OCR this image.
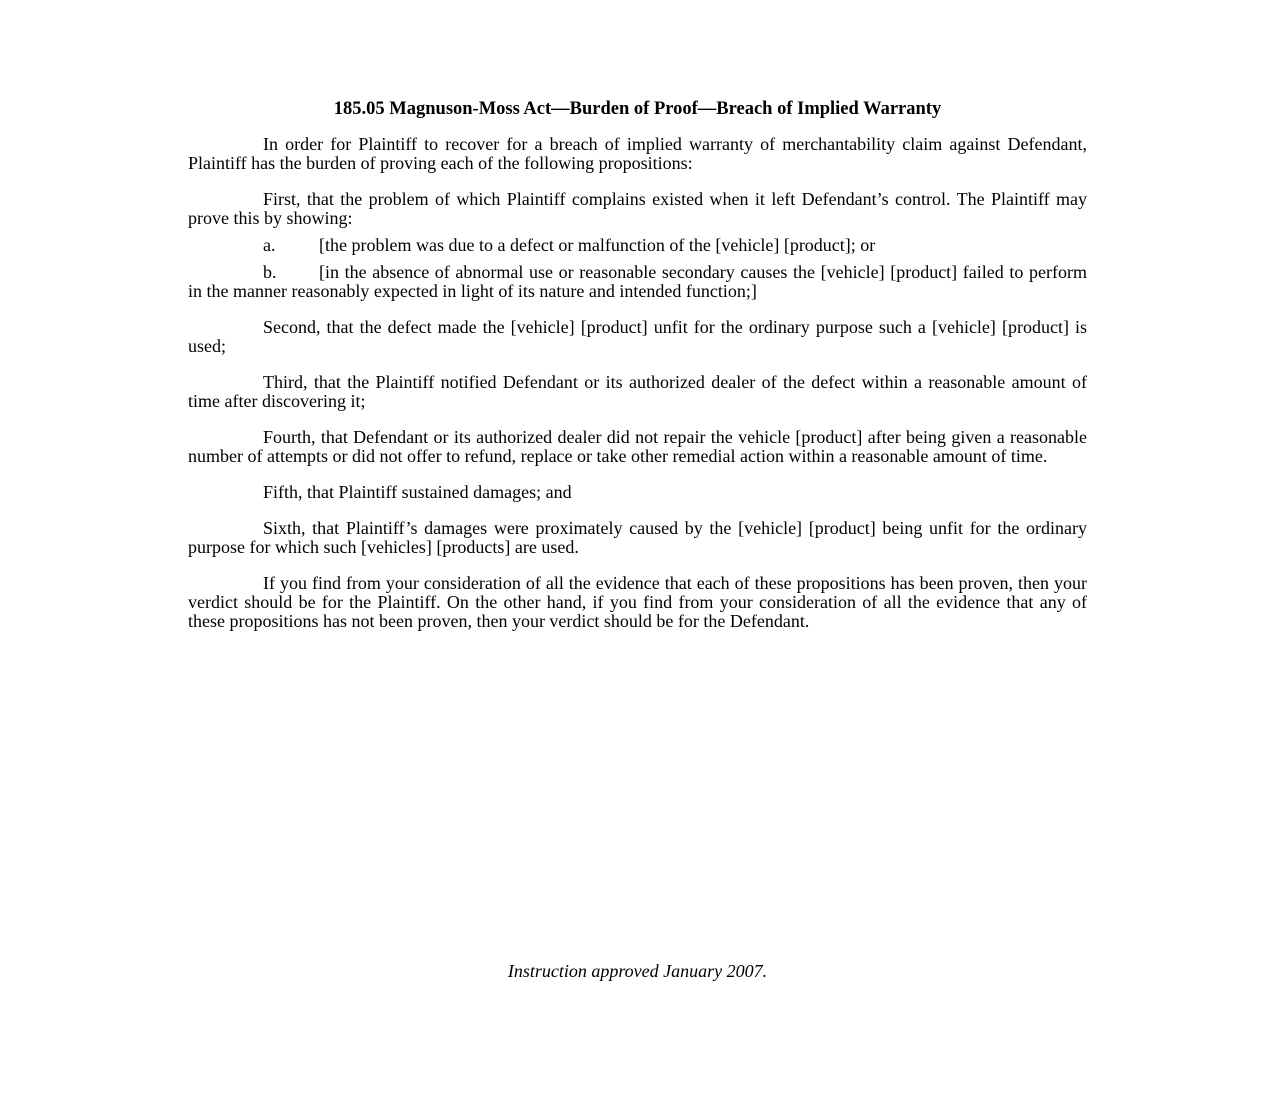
185.05 Magnuson-Moss Act—Burden of Proof—Breach of Implied Warranty

In order for Plaintiff to recover for a breach of implied warranty of merchantability claim against Defendant, Plaintiff has the burden of proving each of the following propositions:

First, that the problem of which Plaintiff complains existed when it left Defendant’s control. The Plaintiff may prove this by showing:

a. [the problem was due to a defect or malfunction of the [vehicle] [product]; or

b. [in the absence of abnormal use or reasonable secondary causes the [vehicle] [product] failed to perform in the manner reasonably expected in light of its nature and intended function;]

Second, that the defect made the [vehicle] [product] unfit for the ordinary purpose such a [vehicle] [product] is used;

Third, that the Plaintiff notified Defendant or its authorized dealer of the defect within a reasonable amount of time after discovering it;

Fourth, that Defendant or its authorized dealer did not repair the vehicle [product] after being given a reasonable number of attempts or did not offer to refund, replace or take other remedial action within a reasonable amount of time.

Fifth, that Plaintiff sustained damages; and

Sixth, that Plaintiff’s damages were proximately caused by the [vehicle] [product] being unfit for the ordinary purpose for which such [vehicles] [products] are used.

If you find from your consideration of all the evidence that each of these propositions has been proven, then your verdict should be for the Plaintiff. On the other hand, if you find from your consideration of all the evidence that any of these propositions has not been proven, then your verdict should be for the Defendant.

Instruction approved January 2007.
